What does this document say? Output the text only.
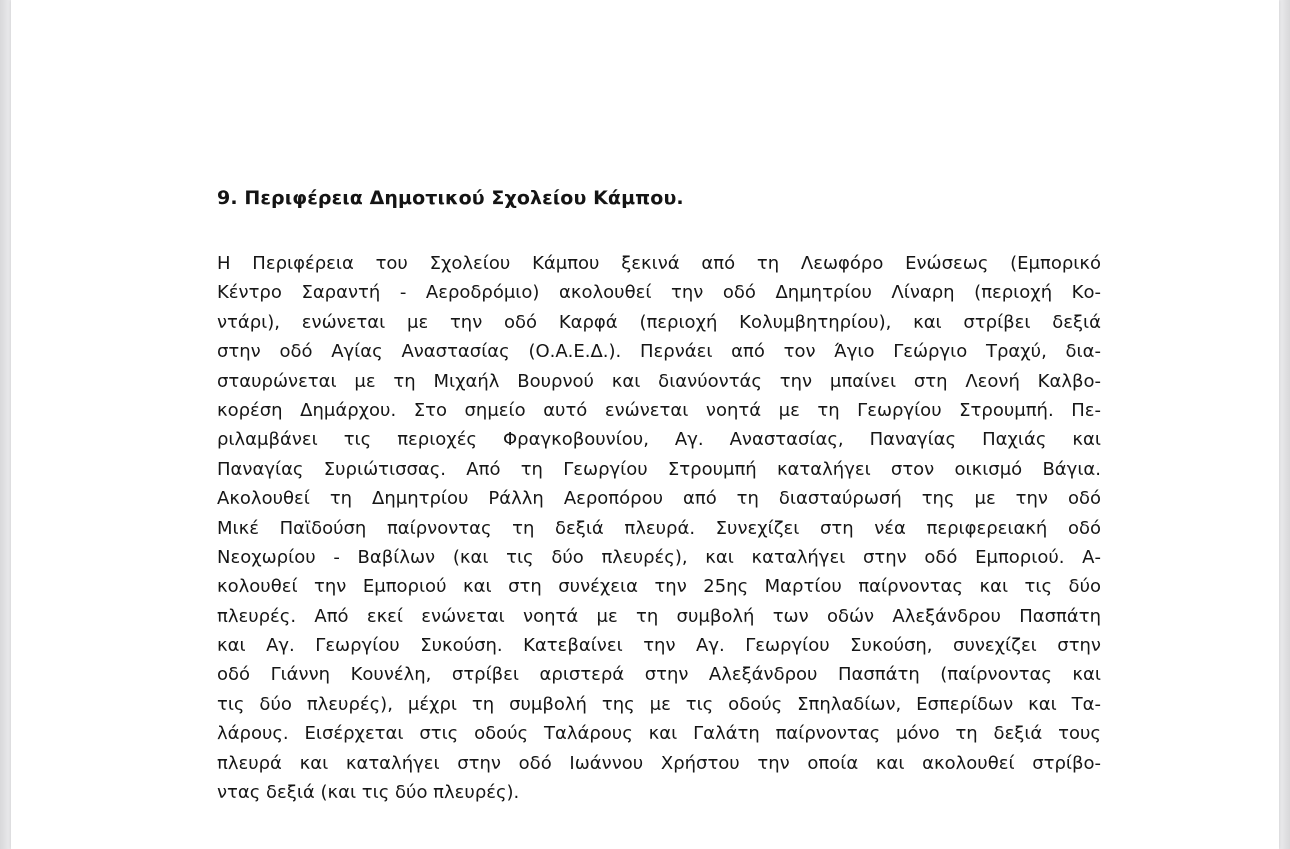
9. Περιφέρεια Δημοτικού Σχολείου Κάμπου.
Η Περιφέρεια του Σχολείου Κάμπου ξεκινά από τη Λεωφόρο Ενώσεως (Εμπορικό
Κέντρο Σαραντή - Αεροδρόμιο) ακολουθεί την οδό Δημητρίου Λίναρη (περιοχή Κο-
ντάρι), ενώνεται με την οδό Καρφά (περιοχή Κολυμβητηρίου), και στρίβει δεξιά
στην οδό Αγίας Αναστασίας (Ο.Α.Ε.Δ.). Περνάει από τον Άγιο Γεώργιο Τραχύ, δια-
σταυρώνεται με τη Μιχαήλ Βουρνού και διανύοντάς την μπαίνει στη Λεονή Καλβο-
κορέση Δημάρχου. Στο σημείο αυτό ενώνεται νοητά με τη Γεωργίου Στρουμπή. Πε-
ριλαμβάνει τις περιοχές Φραγκοβουνίου, Αγ. Αναστασίας, Παναγίας Παχιάς και
Παναγίας Συριώτισσας. Από τη Γεωργίου Στρουμπή καταλήγει στον οικισμό Βάγια.
Ακολουθεί τη Δημητρίου Ράλλη Αεροπόρου από τη διασταύρωσή της με την οδό
Μικέ Παϊδούση παίρνοντας τη δεξιά πλευρά. Συνεχίζει στη νέα περιφερειακή οδό
Νεοχωρίου - Βαβίλων (και τις δύο πλευρές), και καταλήγει στην οδό Εμποριού. Α-
κολουθεί την Εμποριού και στη συνέχεια την 25ης Μαρτίου παίρνοντας και τις δύο
πλευρές. Από εκεί ενώνεται νοητά με τη συμβολή των οδών Αλεξάνδρου Πασπάτη
και Αγ. Γεωργίου Συκούση. Κατεβαίνει την Αγ. Γεωργίου Συκούση, συνεχίζει στην
οδό Γιάννη Κουνέλη, στρίβει αριστερά στην Αλεξάνδρου Πασπάτη (παίρνοντας και
τις δύο πλευρές), μέχρι τη συμβολή της με τις οδούς Σπηλαδίων, Εσπερίδων και Τα-
λάρους. Εισέρχεται στις οδούς Ταλάρους και Γαλάτη παίρνοντας μόνο τη δεξιά τους
πλευρά και καταλήγει στην οδό Ιωάννου Χρήστου την οποία και ακολουθεί στρίβο-
ντας δεξιά (και τις δύο πλευρές).
